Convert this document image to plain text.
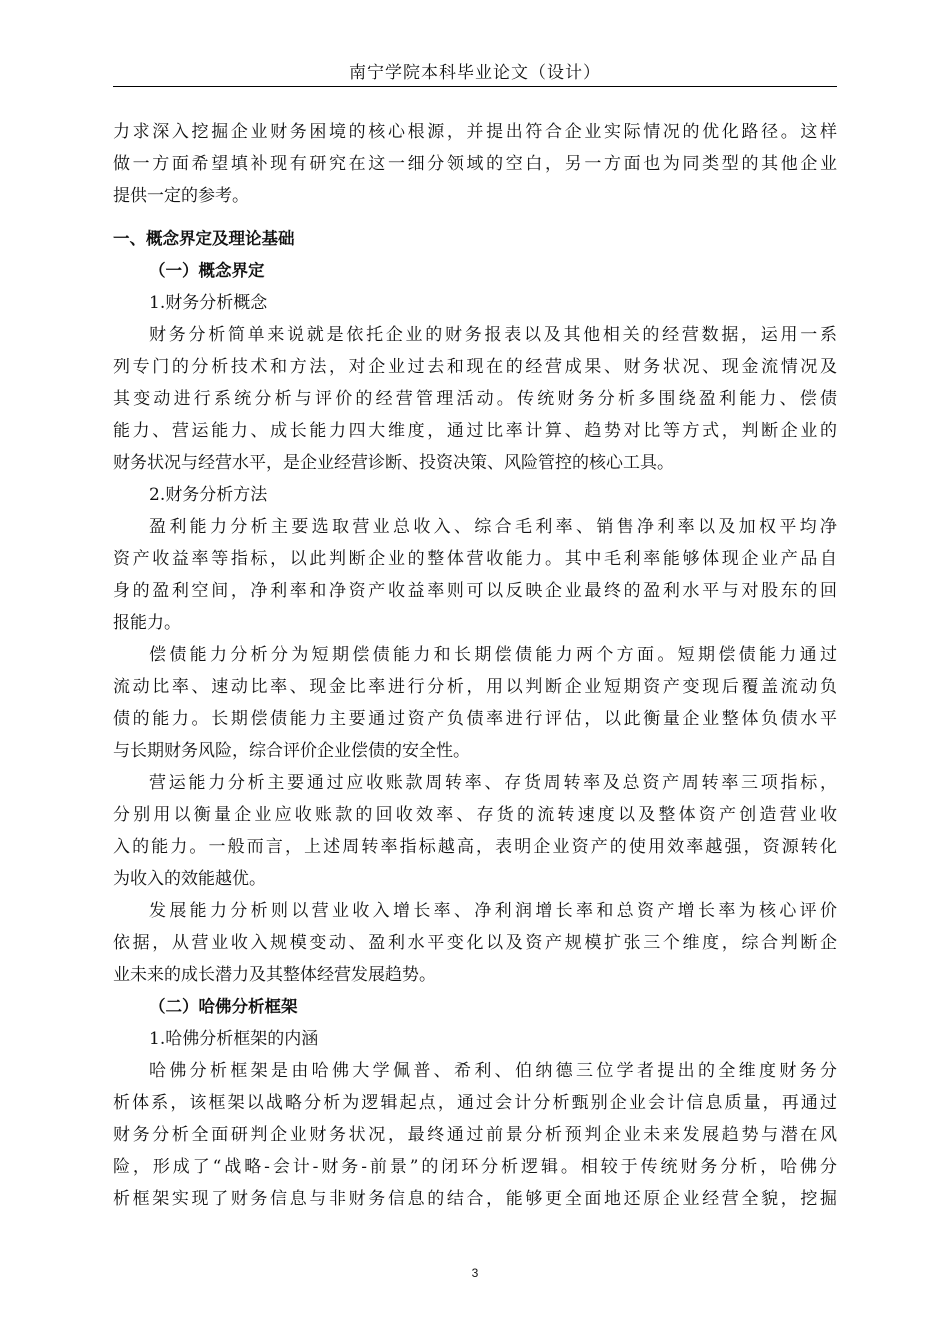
南宁学院本科毕业论文（设计）
力求深入挖掘企业财务困境的核心根源，并提出符合企业实际情况的优化路径。这样
做一方面希望填补现有研究在这一细分领域的空白，另一方面也为同类型的其他企业
提供一定的参考。
一、概念界定及理论基础
（一）概念界定
1.财务分析概念
财务分析简单来说就是依托企业的财务报表以及其他相关的经营数据，运用一系
列专门的分析技术和方法，对企业过去和现在的经营成果、财务状况、现金流情况及
其变动进行系统分析与评价的经营管理活动。传统财务分析多围绕盈利能力、偿债
能力、营运能力、成长能力四大维度，通过比率计算、趋势对比等方式，判断企业的
财务状况与经营水平，是企业经营诊断、投资决策、风险管控的核心工具。
2.财务分析方法
盈利能力分析主要选取营业总收入、综合毛利率、销售净利率以及加权平均净
资产收益率等指标，以此判断企业的整体营收能力。其中毛利率能够体现企业产品自
身的盈利空间，净利率和净资产收益率则可以反映企业最终的盈利水平与对股东的回
报能力。
偿债能力分析分为短期偿债能力和长期偿债能力两个方面。短期偿债能力通过
流动比率、速动比率、现金比率进行分析，用以判断企业短期资产变现后覆盖流动负
债的能力。长期偿债能力主要通过资产负债率进行评估，以此衡量企业整体负债水平
与长期财务风险，综合评价企业偿债的安全性。
营运能力分析主要通过应收账款周转率、存货周转率及总资产周转率三项指标，
分别用以衡量企业应收账款的回收效率、存货的流转速度以及整体资产创造营业收
入的能力。一般而言，上述周转率指标越高，表明企业资产的使用效率越强，资源转化
为收入的效能越优。
发展能力分析则以营业收入增长率、净利润增长率和总资产增长率为核心评价
依据，从营业收入规模变动、盈利水平变化以及资产规模扩张三个维度，综合判断企
业未来的成长潜力及其整体经营发展趋势。
（二）哈佛分析框架
1.哈佛分析框架的内涵
哈佛分析框架是由哈佛大学佩普、希利、伯纳德三位学者提出的全维度财务分
析体系，该框架以战略分析为逻辑起点，通过会计分析甄别企业会计信息质量，再通过
财务分析全面研判企业财务状况，最终通过前景分析预判企业未来发展趋势与潜在风
险，形成了“战略-会计-财务-前景”的闭环分析逻辑。相较于传统财务分析，哈佛分
析框架实现了财务信息与非财务信息的结合，能够更全面地还原企业经营全貌，挖掘
3
